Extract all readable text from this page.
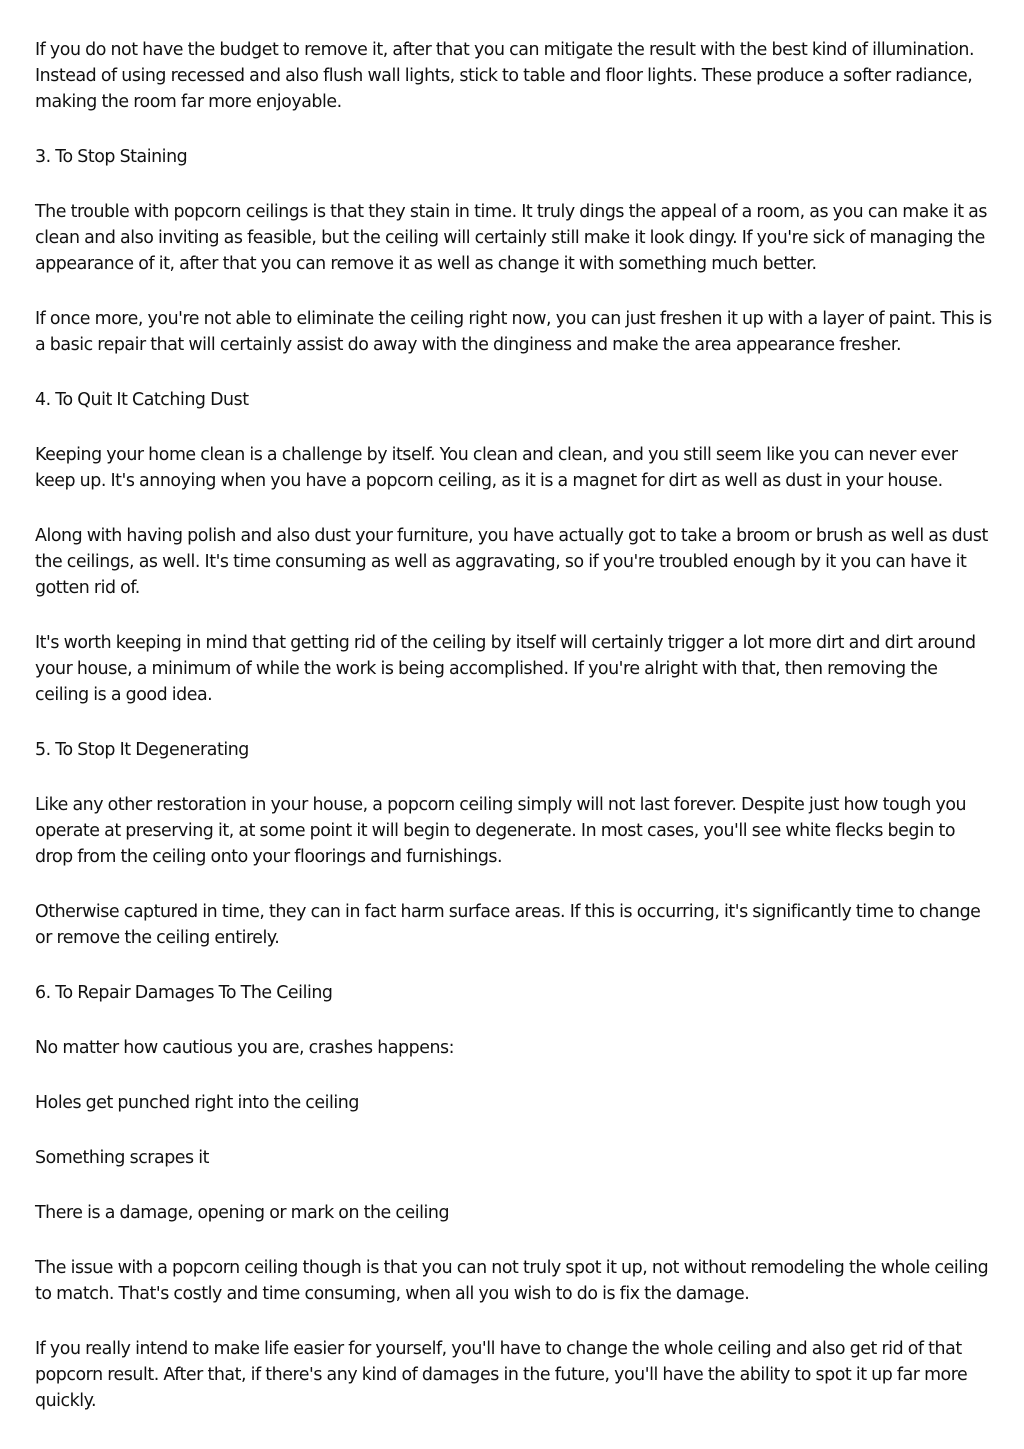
If you do not have the budget to remove it, after that you can mitigate the result with the best kind of illumination. Instead of using recessed and also flush wall lights, stick to table and floor lights. These produce a softer radiance, making the room far more enjoyable.

3. To Stop Staining

The trouble with popcorn ceilings is that they stain in time. It truly dings the appeal of a room, as you can make it as clean and also inviting as feasible, but the ceiling will certainly still make it look dingy. If you're sick of managing the appearance of it, after that you can remove it as well as change it with something much better.

If once more, you're not able to eliminate the ceiling right now, you can just freshen it up with a layer of paint. This is a basic repair that will certainly assist do away with the dinginess and make the area appearance fresher.

4. To Quit It Catching Dust

Keeping your home clean is a challenge by itself. You clean and clean, and you still seem like you can never ever keep up. It's annoying when you have a popcorn ceiling, as it is a magnet for dirt as well as dust in your house.

Along with having polish and also dust your furniture, you have actually got to take a broom or brush as well as dust the ceilings, as well. It's time consuming as well as aggravating, so if you're troubled enough by it you can have it gotten rid of.

It's worth keeping in mind that getting rid of the ceiling by itself will certainly trigger a lot more dirt and dirt around your house, a minimum of while the work is being accomplished. If you're alright with that, then removing the ceiling is a good idea.

5. To Stop It Degenerating

Like any other restoration in your house, a popcorn ceiling simply will not last forever. Despite just how tough you operate at preserving it, at some point it will begin to degenerate. In most cases, you'll see white flecks begin to drop from the ceiling onto your floorings and furnishings.

Otherwise captured in time, they can in fact harm surface areas. If this is occurring, it's significantly time to change or remove the ceiling entirely.

6. To Repair Damages To The Ceiling

No matter how cautious you are, crashes happens:

Holes get punched right into the ceiling

Something scrapes it

There is a damage, opening or mark on the ceiling

The issue with a popcorn ceiling though is that you can not truly spot it up, not without remodeling the whole ceiling to match. That's costly and time consuming, when all you wish to do is fix the damage.

If you really intend to make life easier for yourself, you'll have to change the whole ceiling and also get rid of that popcorn result. After that, if there's any kind of damages in the future, you'll have the ability to spot it up far more quickly.
